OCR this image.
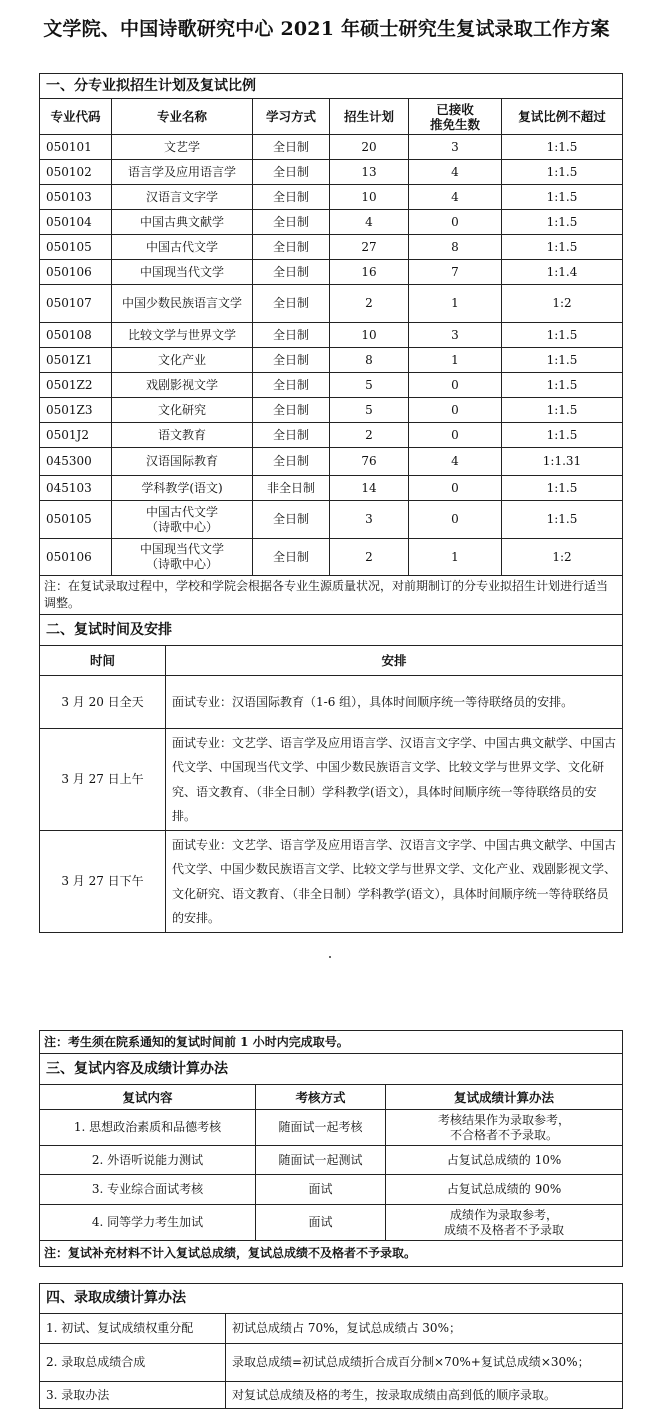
文学院、中国诗歌研究中心 2021 年硕士研究生复试录取工作方案
一、分专业拟招生计划及复试比例					
专业代码	专业名称	学习方式	招生计划	已接收
推免生数	复试比例不超过
050101	文艺学	全日制	20	3	1:1.5
050102	语言学及应用语言学	全日制	13	4	1:1.5
050103	汉语言文字学	全日制	10	4	1:1.5
050104	中国古典文献学	全日制	4	0	1:1.5
050105	中国古代文学	全日制	27	8	1:1.5
050106	中国现当代文学	全日制	16	7	1:1.4
050107	中国少数民族语言文学	全日制	2	1	1:2
050108	比较文学与世界文学	全日制	10	3	1:1.5
0501Z1	文化产业	全日制	8	1	1:1.5
0501Z2	戏剧影视文学	全日制	5	0	1:1.5
0501Z3	文化研究	全日制	5	0	1:1.5
0501J2	语文教育	全日制	2	0	1:1.5
045300	汉语国际教育	全日制	76	4	1:1.31
045103	学科教学(语文)	非全日制	14	0	1:1.5
050105	中国古代文学
（诗歌中心）	全日制	3	0	1:1.5
050106	中国现当代文学
（诗歌中心）	全日制	2	1	1:2
注：在复试录取过程中，学校和学院会根据各专业生源质量状况，对前期制订的分专业拟招生计划进行适当调整。					
二、复试时间及安排	
时间	安排
3 月 20 日全天	面试专业：汉语国际教育（1-6 组），具体时间顺序统一等待联络员的安排。
3 月 27 日上午	面试专业：文艺学、语言学及应用语言学、汉语言文字学、中国古典文献学、中国古代文学、中国现当代文学、中国少数民族语言文学、比较文学与世界文学、文化研究、语文教育、（非全日制）学科教学(语文），具体时间顺序统一等待联络员的安排。
3 月 27 日下午	面试专业：文艺学、语言学及应用语言学、汉语言文字学、中国古典文献学、中国古代文学、中国少数民族语言文学、比较文学与世界文学、文化产业、戏剧影视文学、文化研究、语文教育、（非全日制）学科教学(语文），具体时间顺序统一等待联络员的安排。
注：考生须在院系通知的复试时间前 1 小时内完成取号。		
三、复试内容及成绩计算办法		
复试内容	考核方式	复试成绩计算办法
1. 思想政治素质和品德考核	随面试一起考核	考核结果作为录取参考，
不合格者不予录取。
2. 外语听说能力测试	随面试一起测试	占复试总成绩的 10%
3. 专业综合面试考核	面试	占复试总成绩的 90%
4. 同等学力考生加试	面试	成绩作为录取参考，
成绩不及格者不予录取
注：复试补充材料不计入复试总成绩，复试总成绩不及格者不予录取。		
四、录取成绩计算办法	
1. 初试、复试成绩权重分配	初试总成绩占 70%，复试总成绩占 30%；
2. 录取总成绩合成	录取总成绩=初试总成绩折合成百分制×70%+复试总成绩×30%；
3. 录取办法	对复试总成绩及格的考生，按录取成绩由高到低的顺序录取。
